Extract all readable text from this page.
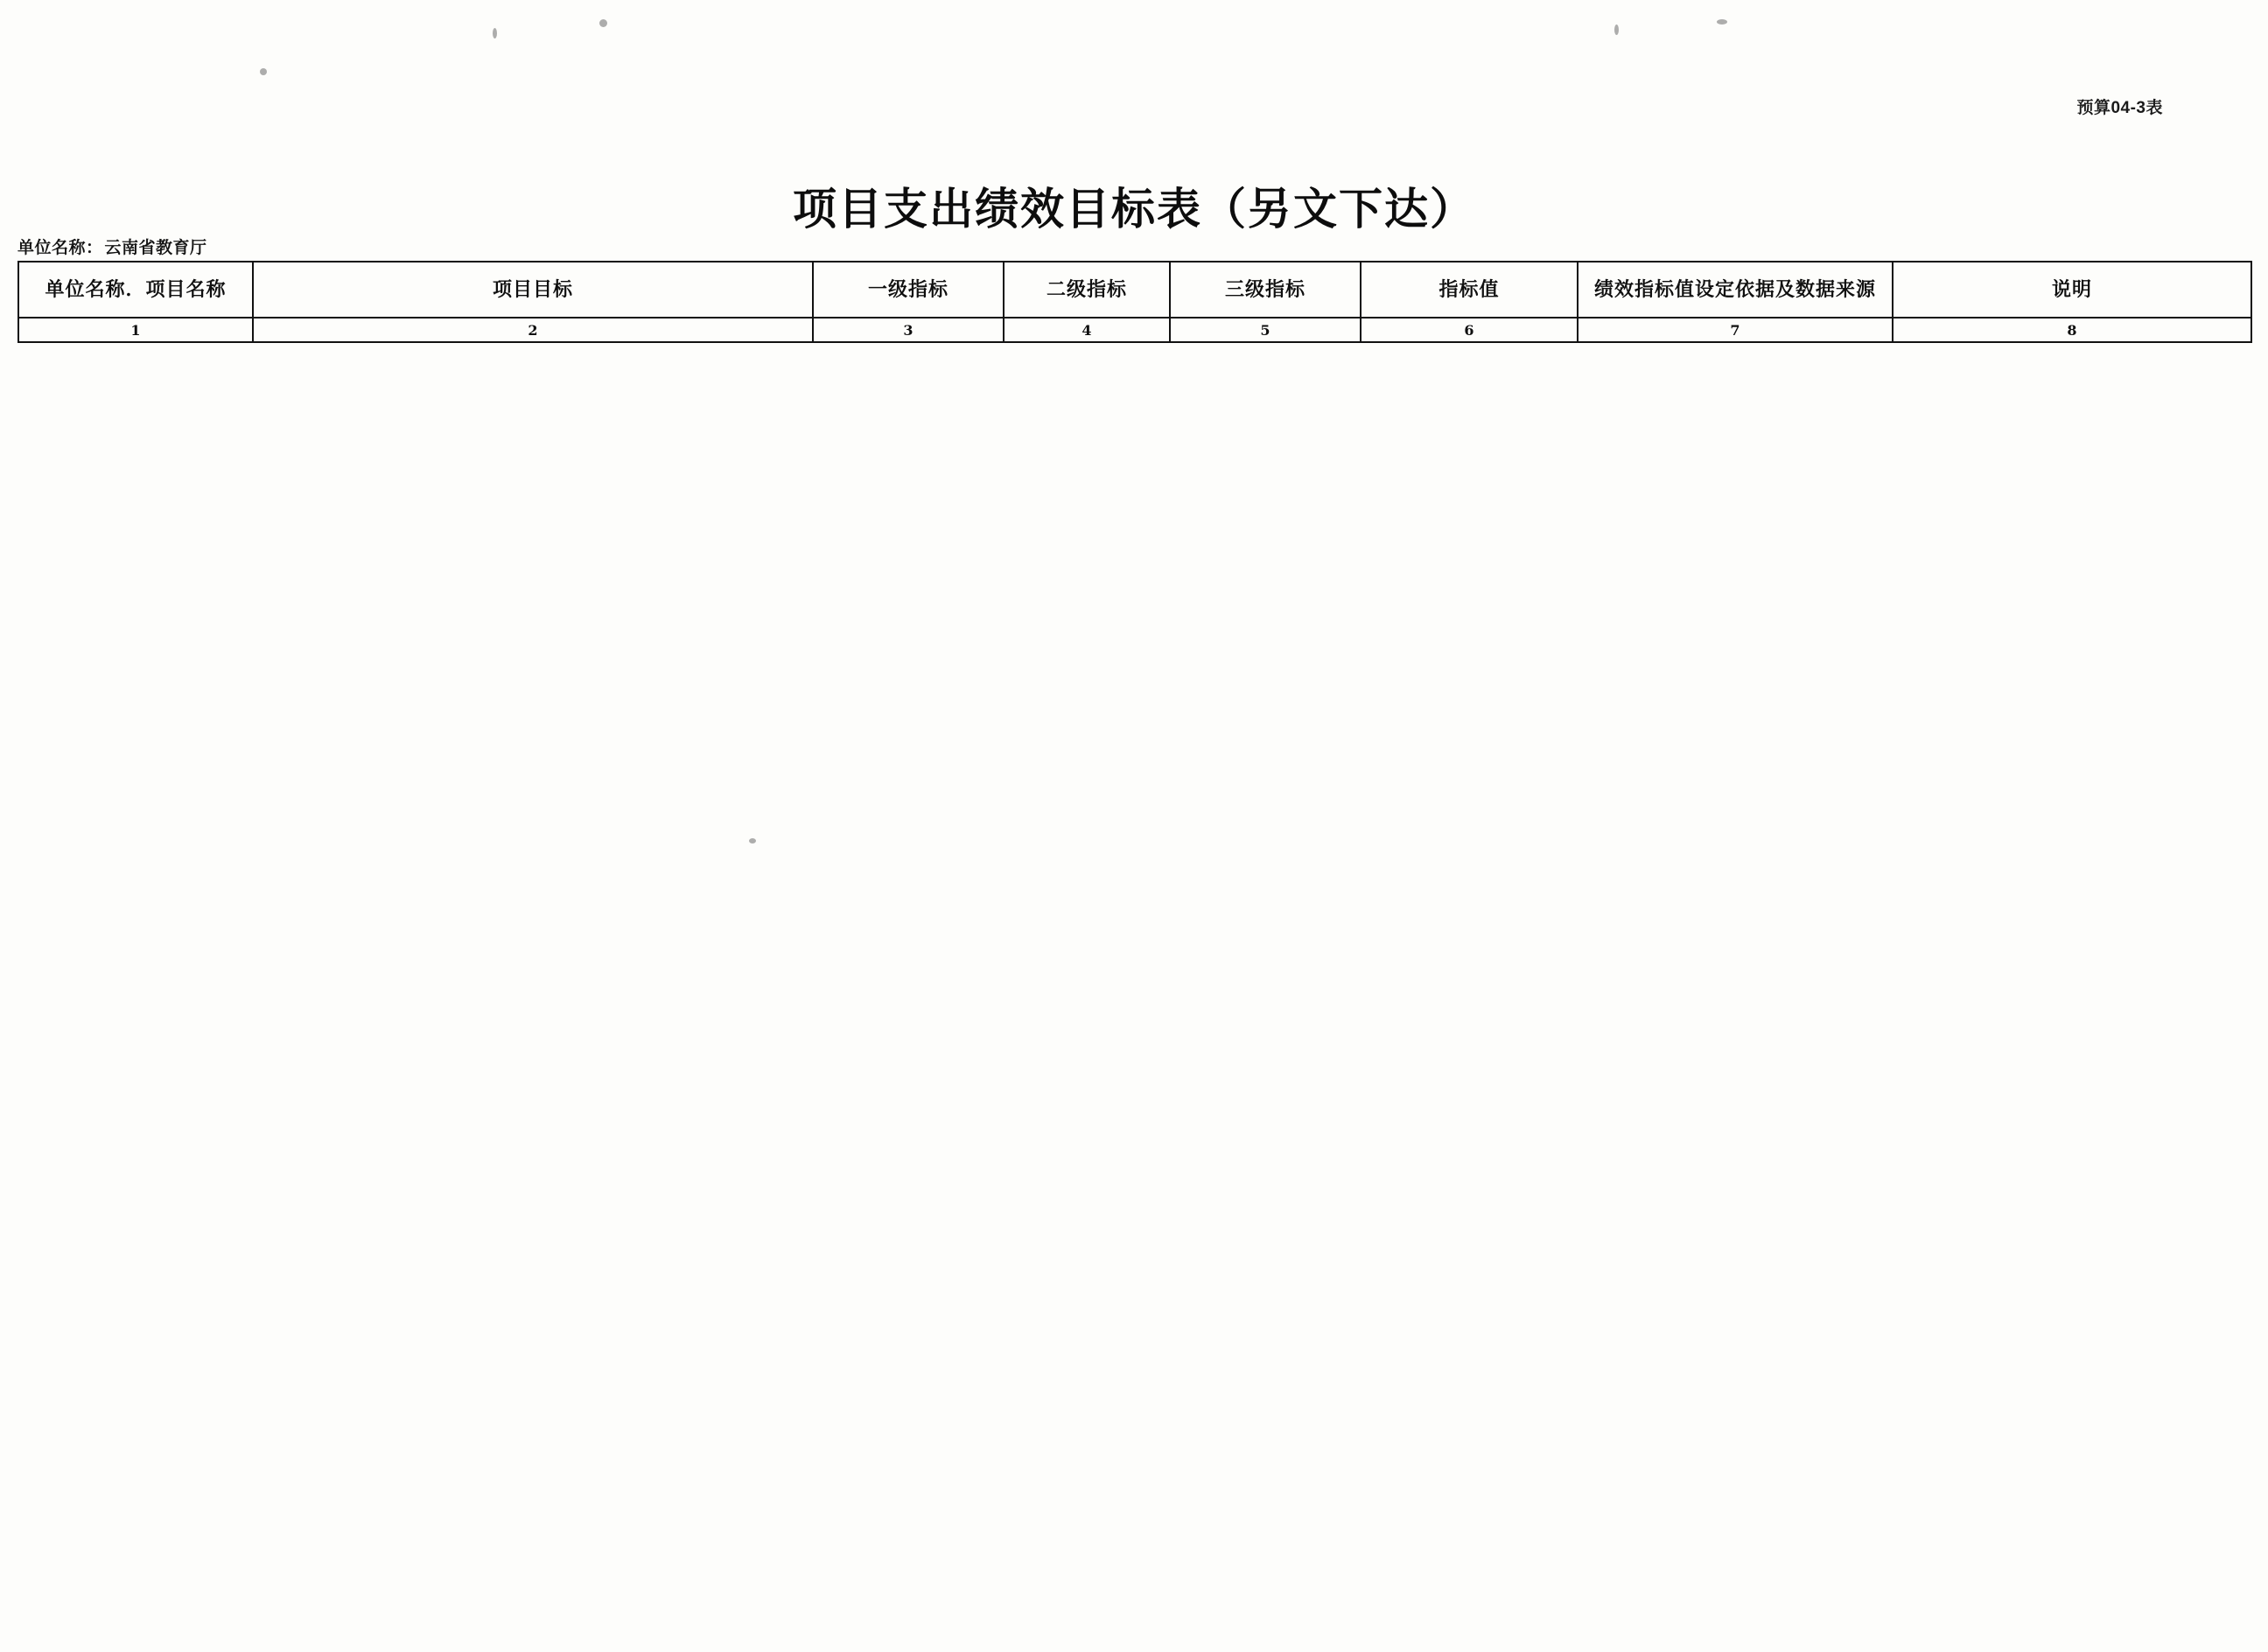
预算04-3表
项目支出绩效目标表（另文下达）
单位名称： 云南省教育厅
单位名称．项目名称	项目目标	一级指标	二级指标	三级指标	指标值	绩效指标值设定依据及数据来源	说明
1	2	3	4	5	6	7	8
